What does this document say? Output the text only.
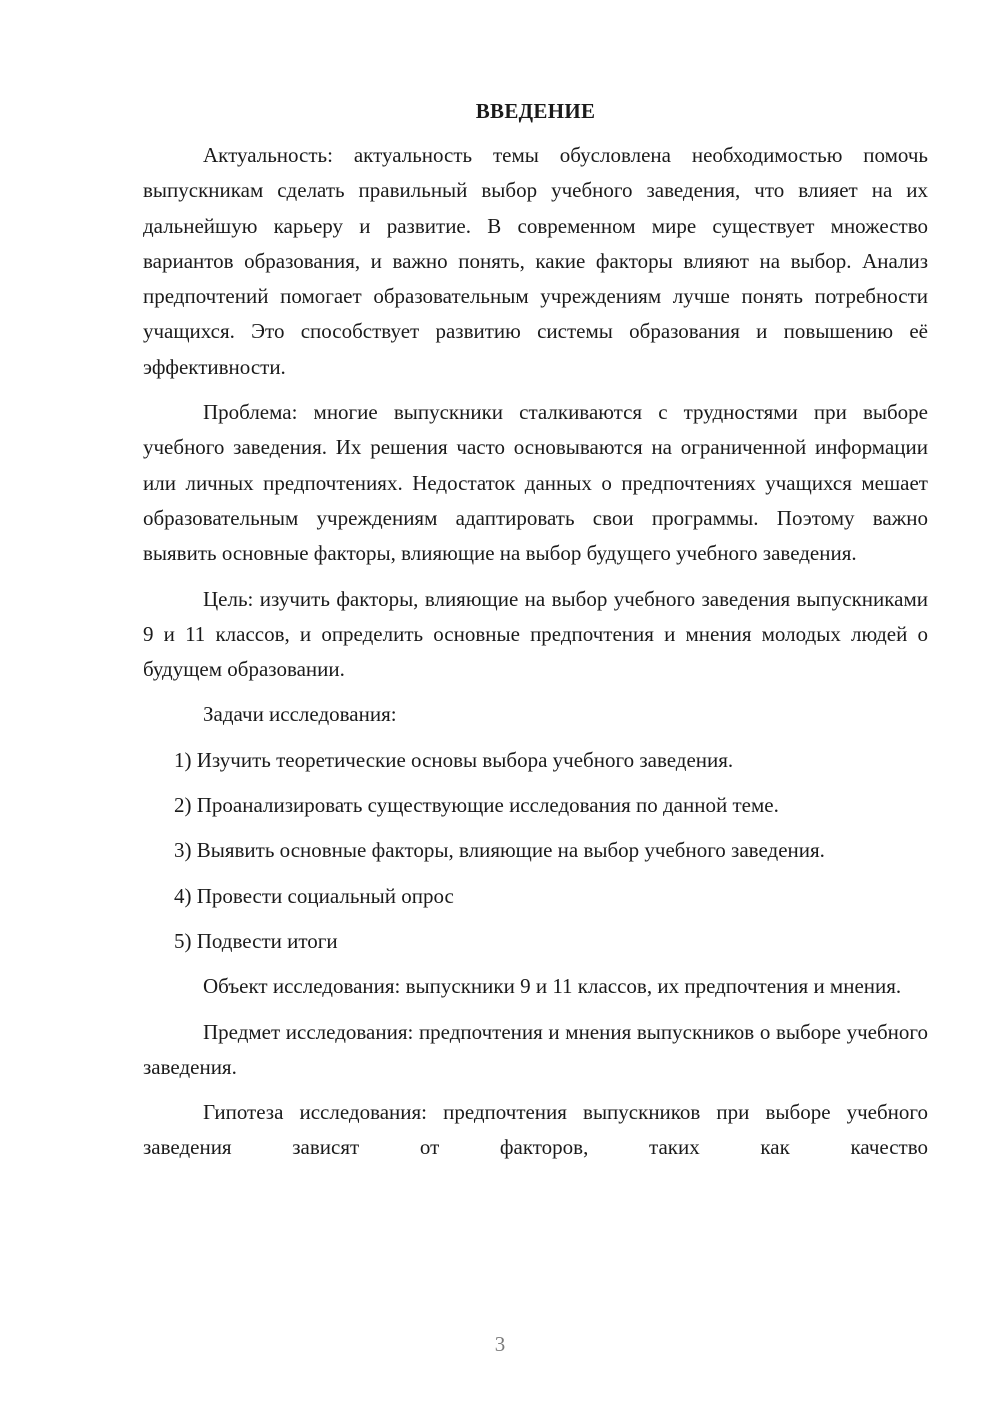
ВВЕДЕНИЕ

Актуальность: актуальность темы обусловлена необходимостью помочь выпускникам сделать правильный выбор учебного заведения, что влияет на их дальнейшую карьеру и развитие. В современном мире существует множество вариантов образования, и важно понять, какие факторы влияют на выбор. Анализ предпочтений помогает образовательным учреждениям лучше понять потребности учащихся. Это способствует развитию системы образования и повышению её эффективности.

Проблема: многие выпускники сталкиваются с трудностями при выборе учебного заведения. Их решения часто основываются на ограниченной информации или личных предпочтениях. Недостаток данных о предпочтениях учащихся мешает образовательным учреждениям адаптировать свои программы. Поэтому важно выявить основные факторы, влияющие на выбор будущего учебного заведения.

Цель: изучить факторы, влияющие на выбор учебного заведения выпускниками 9 и 11 классов, и определить основные предпочтения и мнения молодых людей о будущем образовании.

Задачи исследования:

1) Изучить теоретические основы выбора учебного заведения.

2) Проанализировать существующие исследования по данной теме.

3) Выявить основные факторы, влияющие на выбор учебного заведения.

4) Провести социальный опрос

5) Подвести итоги

Объект исследования: выпускники 9 и 11 классов, их предпочтения и мнения.

Предмет исследования: предпочтения и мнения выпускников о выборе учебного заведения.

Гипотеза исследования: предпочтения выпускников при выборе учебного заведения зависят от факторов, таких как качество

3
